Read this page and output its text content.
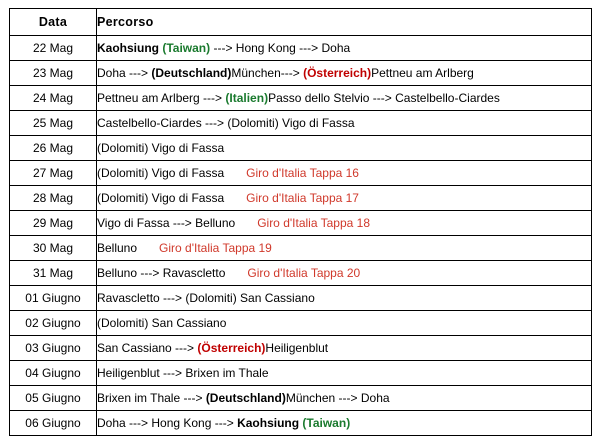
Data	Percorso
22 Mag	Kaohsiung (Taiwan) ---> Hong Kong ---> Doha
23 Mag	Doha ---> (Deutschland)München---> (Österreich)Pettneu am Arlberg
24 Mag	Pettneu am Arlberg ---> (Italien)Passo dello Stelvio ---> Castelbello-Ciardes
25 Mag	Castelbello-Ciardes ---> (Dolomiti) Vigo di Fassa
26 Mag	(Dolomiti) Vigo di Fassa
27 Mag	(Dolomiti) Vigo di Fassa Giro d'Italia Tappa 16
28 Mag	(Dolomiti) Vigo di Fassa Giro d'Italia Tappa 17
29 Mag	Vigo di Fassa ---> Belluno Giro d'Italia Tappa 18
30 Mag	Belluno Giro d'Italia Tappa 19
31 Mag	Belluno ---> Ravascletto Giro d'Italia Tappa 20
01 Giugno	Ravascletto ---> (Dolomiti) San Cassiano
02 Giugno	(Dolomiti) San Cassiano
03 Giugno	San Cassiano ---> (Österreich)Heiligenblut
04 Giugno	Heiligenblut ---> Brixen im Thale
05 Giugno	Brixen im Thale ---> (Deutschland)München ---> Doha
06 Giugno	Doha ---> Hong Kong ---> Kaohsiung (Taiwan)
